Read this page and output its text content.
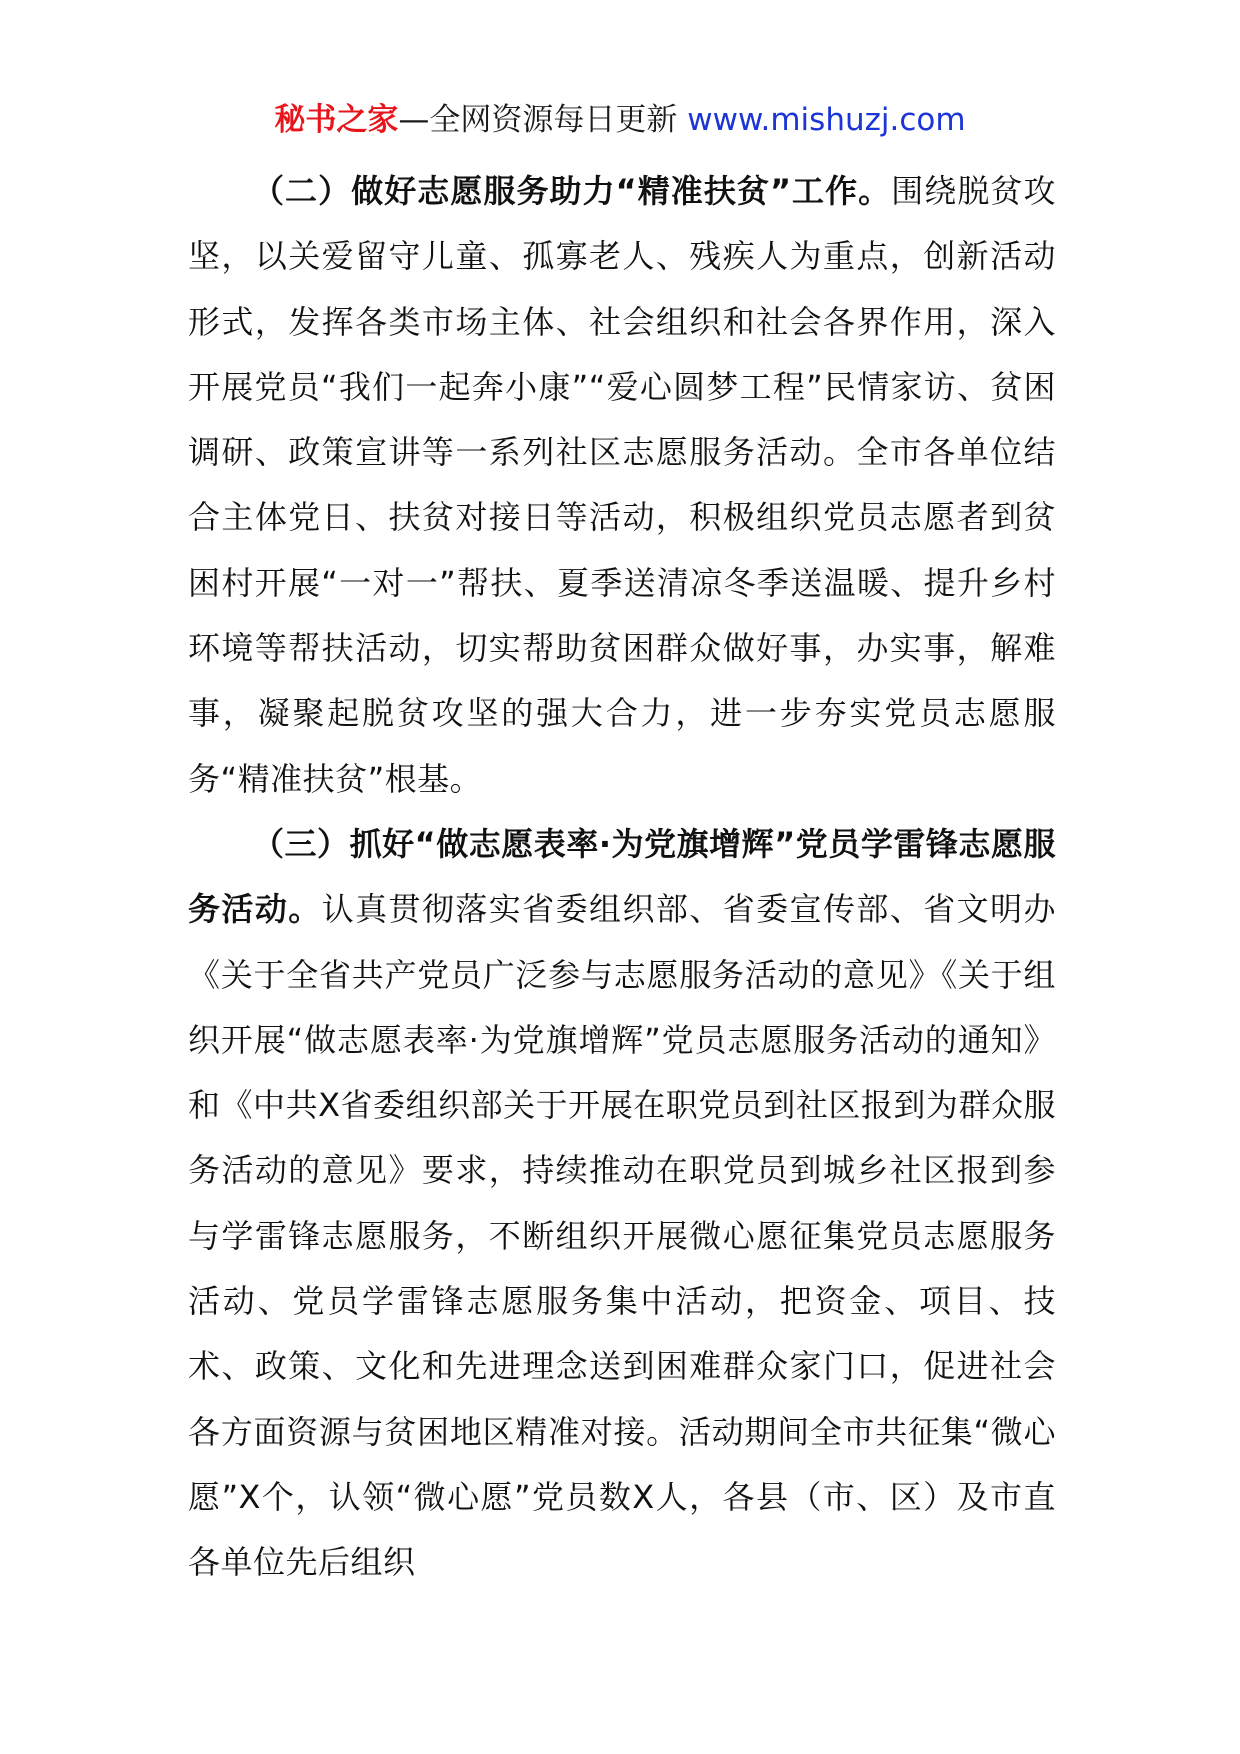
秘书之家—全网资源每日更新 www.mishuzj.com

（二）做好志愿服务助力“精准扶贫”工作。围绕脱贫攻坚，以关爱留守儿童、孤寡老人、残疾人为重点，创新活动形式，发挥各类市场主体、社会组织和社会各界作用，深入开展党员“我们一起奔小康”“爱心圆梦工程”民情家访、贫困调研、政策宣讲等一系列社区志愿服务活动。全市各单位结合主体党日、扶贫对接日等活动，积极组织党员志愿者到贫困村开展“一对一”帮扶、夏季送清凉冬季送温暖、提升乡村环境等帮扶活动，切实帮助贫困群众做好事，办实事，解难事，凝聚起脱贫攻坚的强大合力，进一步夯实党员志愿服务“精准扶贫”根基。

（三）抓好“做志愿表率·为党旗增辉”党员学雷锋志愿服务活动。认真贯彻落实省委组织部、省委宣传部、省文明办《关于全省共产党员广泛参与志愿服务活动的意见》《关于组织开展“做志愿表率·为党旗增辉”党员志愿服务活动的通知》和《中共X省委组织部关于开展在职党员到社区报到为群众服务活动的意见》要求，持续推动在职党员到城乡社区报到参与学雷锋志愿服务，不断组织开展微心愿征集党员志愿服务活动、党员学雷锋志愿服务集中活动，把资金、项目、技术、政策、文化和先进理念送到困难群众家门口，促进社会各方面资源与贫困地区精准对接。活动期间全市共征集“微心愿”X个，认领“微心愿”党员数X人，各县（市、区）及市直各单位先后组织
